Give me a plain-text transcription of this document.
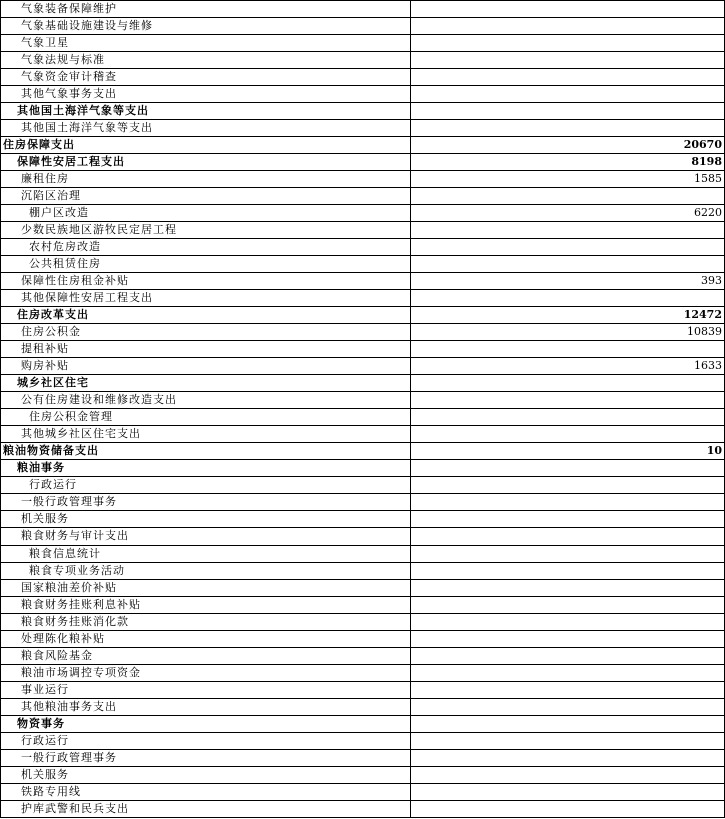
气象装备保障维护	
气象基础设施建设与维修	
气象卫星	
气象法规与标准	
气象资金审计稽查	
其他气象事务支出	
其他国土海洋气象等支出	
其他国土海洋气象等支出	
住房保障支出	20670
保障性安居工程支出	8198
廉租住房	1585
沉陷区治理	
棚户区改造	6220
少数民族地区游牧民定居工程	
农村危房改造	
公共租赁住房	
保障性住房租金补贴	393
其他保障性安居工程支出	
住房改革支出	12472
住房公积金	10839
提租补贴	
购房补贴	1633
城乡社区住宅	
公有住房建设和维修改造支出	
住房公积金管理	
其他城乡社区住宅支出	
粮油物资储备支出	10
粮油事务	
行政运行	
一般行政管理事务	
机关服务	
粮食财务与审计支出	
粮食信息统计	
粮食专项业务活动	
国家粮油差价补贴	
粮食财务挂账利息补贴	
粮食财务挂账消化款	
处理陈化粮补贴	
粮食风险基金	
粮油市场调控专项资金	
事业运行	
其他粮油事务支出	
物资事务	
行政运行	
一般行政管理事务	
机关服务	
铁路专用线	
护库武警和民兵支出	
